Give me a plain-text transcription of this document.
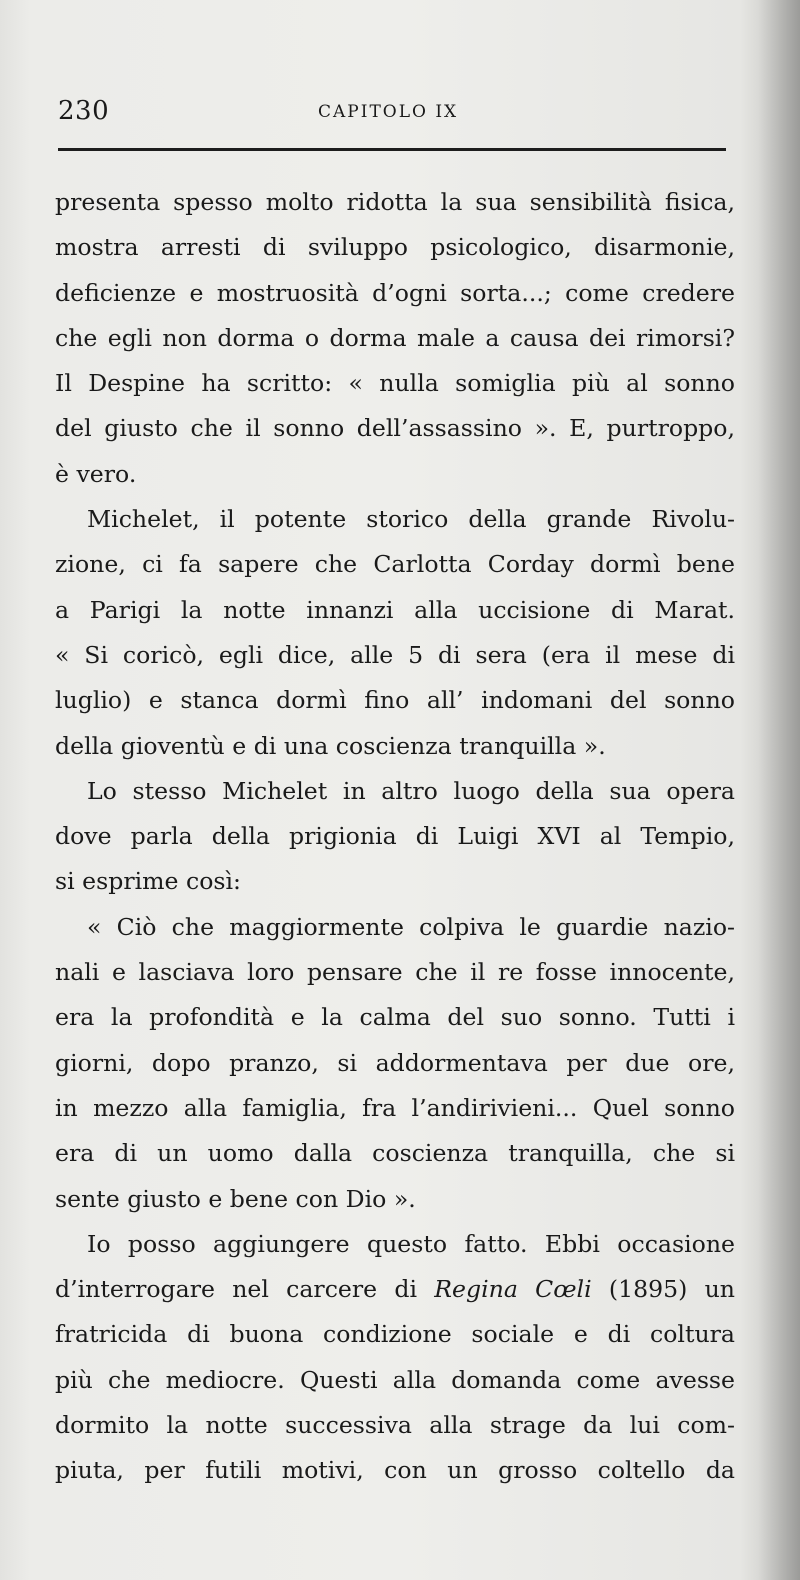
230	CAPITOLO IX
presenta spesso molto ridotta la sua sensibilità fisica,
mostra arresti di sviluppo psicologico, disarmonie,
deficienze e mostruosità d’ogni sorta...; come credere
che egli non dorma o dorma male a causa dei rimorsi?
Il Despine ha scritto: « nulla somiglia più al sonno
del giusto che il sonno dell’assassino ». E, purtroppo,
è vero.
Michelet, il potente storico della grande Rivolu-
zione, ci fa sapere che Carlotta Corday dormì bene
a Parigi la notte innanzi alla uccisione di Marat.
« Si coricò, egli dice, alle 5 di sera (era il mese di
luglio) e stanca dormì fino all’ indomani del sonno
della gioventù e di una coscienza tranquilla ».
Lo stesso Michelet in altro luogo della sua opera
dove parla della prigionia di Luigi XVI al Tempio,
si esprime così:
« Ciò che maggiormente colpiva le guardie nazio-
nali e lasciava loro pensare che il re fosse innocente,
era la profondità e la calma del suo sonno. Tutti i
giorni, dopo pranzo, si addormentava per due ore,
in mezzo alla famiglia, fra l’andirivieni... Quel sonno
era di un uomo dalla coscienza tranquilla, che si
sente giusto e bene con Dio ».
Io posso aggiungere questo fatto. Ebbi occasione
d’interrogare nel carcere di Regina Cœli (1895) un
fratricida di buona condizione sociale e di coltura
più che mediocre. Questi alla domanda come avesse
dormito la notte successiva alla strage da lui com-
piuta, per futili motivi, con un grosso coltello da
